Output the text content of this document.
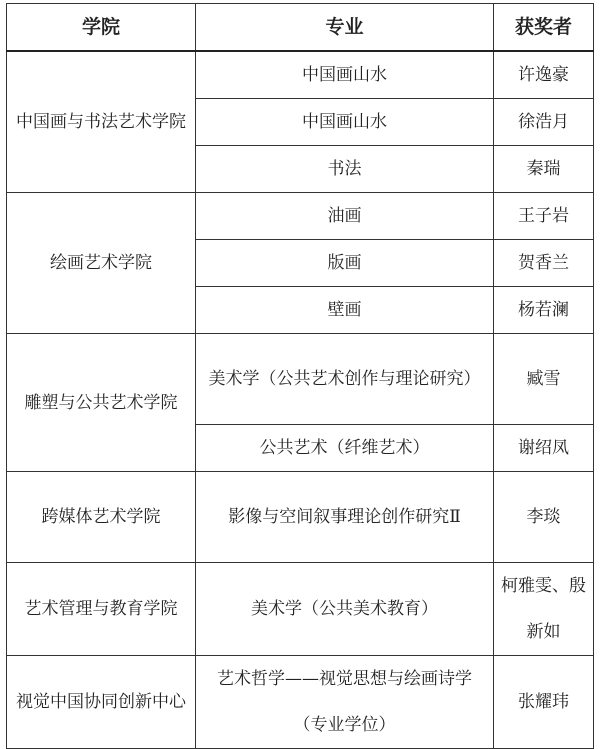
学院	专业	获奖者
中国画与书法艺术学院	中国画山水	许逸豪
	中国画山水	徐浩月
	书法	秦瑞
绘画艺术学院	油画	王子岩
	版画	贺香兰
	壁画	杨若澜
雕塑与公共艺术学院	美术学（公共艺术创作与理论研究）	臧雪
	公共艺术（纤维艺术）	谢绍凤
跨媒体艺术学院	影像与空间叙事理论创作研究Ⅱ	李琰
艺术管理与教育学院	美术学（公共美术教育）	柯雅雯、殷新如
视觉中国协同创新中心	艺术哲学——视觉思想与绘画诗学（专业学位）	张耀玮
